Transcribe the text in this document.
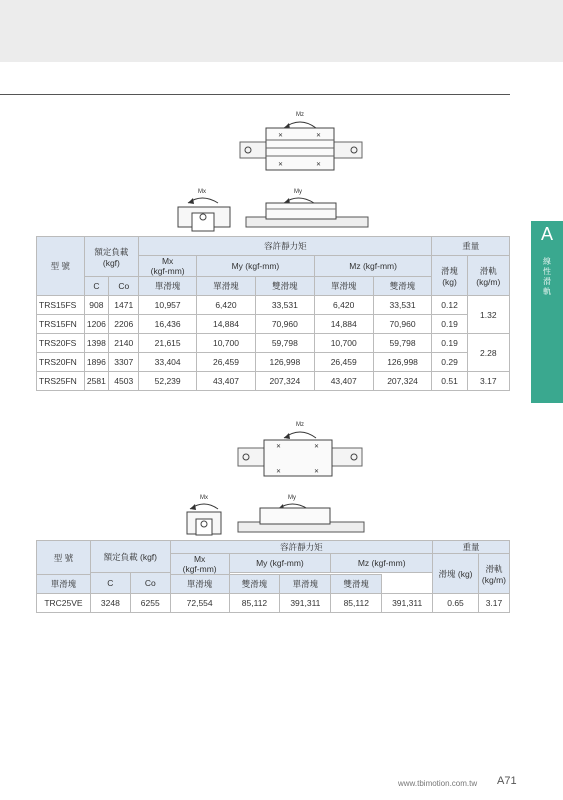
A
線性滑軌
Mz
✕	✕
✕	✕
Mx	My
型 號	額定負載
(kgf)		容許靜力矩					重量	
			Mx
(kgf-mm)	My (kgf-mm)		Mz (kgf-mm)		滑塊
(kg)	滑軌
(kg/m)
	C	Co	單滑塊	單滑塊	雙滑塊	單滑塊	雙滑塊		
TRS15FS	908	1471	10,957	6,420	33,531	6,420	33,531	0.12	1.32
TRS15FN	1206	2206	16,436	14,884	70,960	14,884	70,960	0.19	
TRS20FS	1398	2140	21,615	10,700	59,798	10,700	59,798	0.19	2.28
TRS20FN	1896	3307	33,404	26,459	126,998	26,459	126,998	0.29	
TRS25FN	2581	4503	52,239	43,407	207,324	43,407	207,324	0.51	3.17
Mz
✕	✕
✕	✕
Mx	My
型 號	額定負載 (kgf)		容許靜力矩					重量	
			Mx
(kgf-mm)	My (kgf-mm)		Mz (kgf-mm)		滑塊 (kg)	滑軌
(kg/m)
	C	Co							
單滑塊			單滑塊	雙滑塊	單滑塊	雙滑塊			
TRC25VE	3248	6255	72,554	85,112	391,311	85,112	391,311	0.65	3.17
www.tbimotion.com.tw A71
